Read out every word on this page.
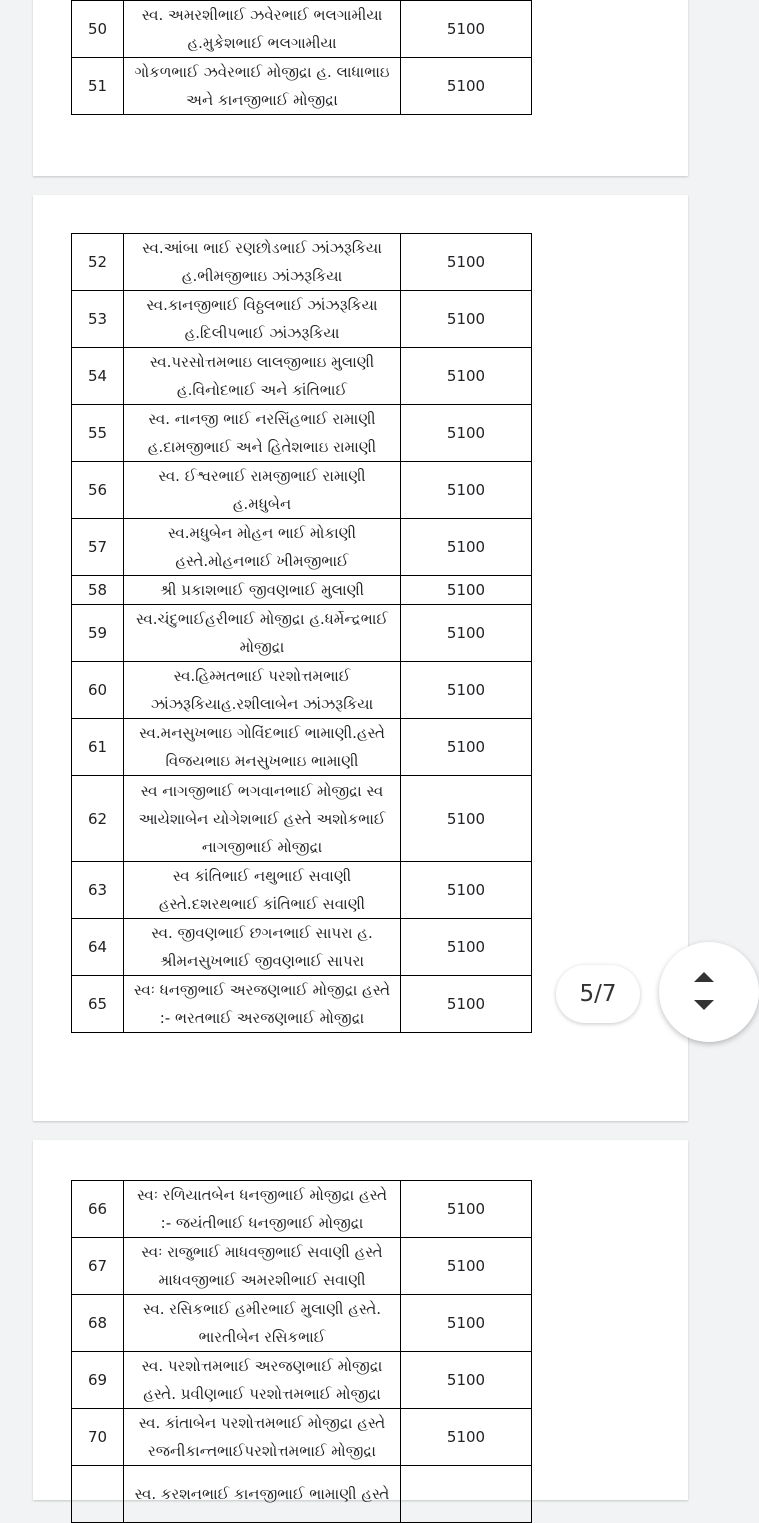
50	સ્વ. અમરશીભાઈ ઝવેરભાઈ ભલગામીયા
હ.મુકેશભાઈ ભલગામીયા	5100
51	ગોકળભાઈ ઝવેરભાઈ મોજીદ્રા હ. લાધાભાઇ
અને કાનજીભાઈ મોજીદ્રા	5100
52	સ્વ.આંબા ભાઈ રણછોડભાઈ ઝાંઝરૂકિયા
હ.ભીમજીભાઇ ઝાંઝરૂકિયા	5100
53	સ્વ.કાનજીભાઈ વિઠ્ઠલભાઈ ઝાંઝરૂકિયા
હ.દિલીપભાઈ ઝાંઝરૂકિયા	5100
54	સ્વ.પરસોત્તમભાઇ લાલજીભાઇ મુલાણી
હ.વિનોદભાઈ અને કાંતિભાઈ	5100
55	સ્વ. નાનજી ભાઈ નરસિંહભાઈ રામાણી
હ.દામજીભાઈ અને હિતેશભાઇ રામાણી	5100
56	સ્વ. ઈશ્વરભાઈ રામજીભાઈ રામાણી
હ.મધુબેન	5100
57	સ્વ.મધુબેન મોહન ભાઈ મોકાણી
હસ્તે.મોહનભાઈ ખીમજીભાઈ	5100
58	શ્રી પ્રકાશભાઈ જીવણભાઈ મુલાણી	5100
59	સ્વ.ચંદુભાઈહરીભાઈ મોજીદ્રા હ.ધર્મેન્દ્રભાઈ
મોજીદ્રા	5100
60	સ્વ.હિમ્મતભાઈ પરશોત્તમભાઈ
ઝાંઝરૂકિયાહ.રશીલાબેન ઝાંઝરૂકિયા	5100
61	સ્વ.મનસુખભાઇ ગોવિંદભાઈ ભામાણી.હસ્તે
વિજયભાઇ મનસુખભાઇ ભામાણી	5100
62	સ્વ નાગજીભાઈ ભગવાનભાઈ મોજીદ્રા સ્વ
આયેશાબેન યોગેશભાઈ હસ્તે અશોકભાઈ
નાગજીભાઈ મોજીદ્રા	5100
63	સ્વ કાંતિભાઈ નથુભાઈ સવાણી
હસ્તે.દશરથભાઈ કાંતિભાઈ સવાણી	5100
64	સ્વ. જીવણભાઈ છગનભાઈ સાપરા હ.
શ્રીમનસુખભાઈ જીવણભાઈ સાપરા	5100
65	સ્વઃ ધનજીભાઈ અરજણભાઈ મોજીદ્રા હસ્તે
:- ભરતભાઈ અરજણભાઈ મોજીદ્રા	5100
66	સ્વઃ રળિયાતબેન ધનજીભાઈ મોજીદ્રા હસ્તે
:- જયંતીભાઈ ધનજીભાઈ મોજીદ્રા	5100
67	સ્વઃ રાજુભાઈ માધવજીભાઈ સવાણી હસ્તે
માધવજીભાઈ અમરશીભાઈ સવાણી	5100
68	સ્વ. રસિકભાઈ હમીરભાઈ મુલાણી હસ્તે.
ભારતીબેન રસિકભાઈ	5100
69	સ્વ. પરશોત્તમભાઈ અરજણભાઈ મોજીદ્રા
હસ્તે. પ્રવીણભાઈ પરશોત્તમભાઈ મોજીદ્રા	5100
70	સ્વ. કાંતાબેન પરશોત્તમભાઈ મોજીદ્રા હસ્તે
રજનીકાન્તભાઈપરશોત્તમભાઈ મોજીદ્રા	5100

	સ્વ. કરશનભાઈ કાનજીભાઈ ભામાણી હસ્તે	

5/7
